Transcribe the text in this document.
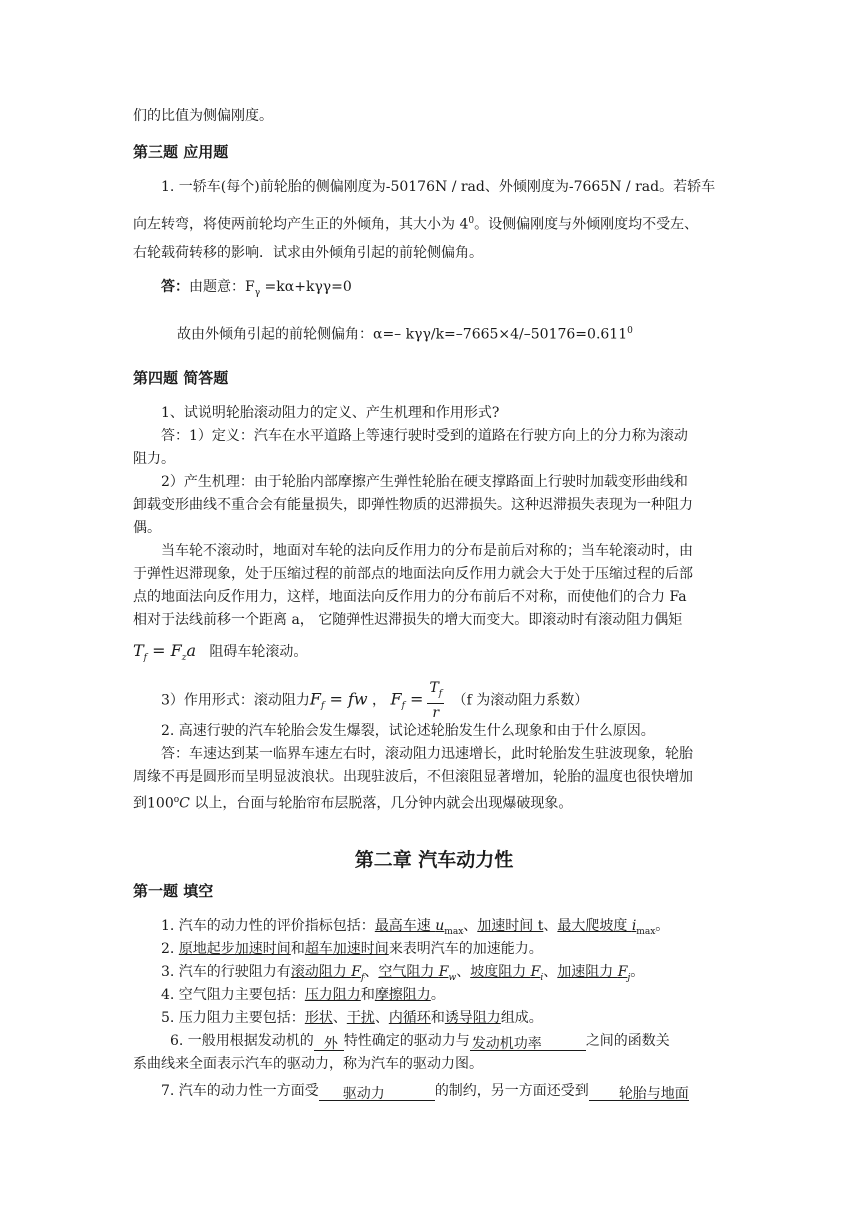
们的比值为侧偏刚度。
第三题 应用题
1. 一轿车(每个)前轮胎的侧偏刚度为-50176N / rad、外倾刚度为-7665N / rad。若轿车
向左转弯，将使两前轮均产生正的外倾角，其大小为 $4^0$。设侧偏刚度与外倾刚度均不受左、
右轮载荷转移的影响．试求由外倾角引起的前轮侧偏角。
答：由题意：$F_\gamma =k\alpha+k\gamma\gamma=0$
故由外倾角引起的前轮侧偏角：α=– kγγ/$k=-7665\times 4/-50176=0.611^0$
第四题 简答题
1、试说明轮胎滚动阻力的定义、产生机理和作用形式?
答：1）定义：汽车在水平道路上等速行驶时受到的道路在行驶方向上的分力称为滚动
阻力。
2）产生机理：由于轮胎内部摩擦产生弹性轮胎在硬支撑路面上行驶时加载变形曲线和
卸载变形曲线不重合会有能量损失，即弹性物质的迟滞损失。这种迟滞损失表现为一种阻力
偶。
当车轮不滚动时，地面对车轮的法向反作用力的分布是前后对称的；当车轮滚动时，由
于弹性迟滞现象，处于压缩过程的前部点的地面法向反作用力就会大于处于压缩过程的后部
点的地面法向反作用力，这样，地面法向反作用力的分布前后不对称，而使他们的合力 Fa
相对于法线前移一个距离 a， 它随弹性迟滞损失的增大而变大。即滚动时有滚动阻力偶矩
$T_f = F_za$ 阻碍车轮滚动。
3）作用形式：滚动阻力$F_f$ = fw ， $F_f = \frac{T_f}{r} (f$ 为滚动阻力系数）
2. 高速行驶的汽车轮胎会发生爆裂，试论述轮胎发生什么现象和由于什么原因。
答：车速达到某一临界车速左右时，滚动阻力迅速增长，此时轮胎发生驻波现象，轮胎
周缘不再是圆形而呈明显波浪状。出现驻波后，不但滚阻显著增加，轮胎的温度也很快增加
到100$^o$C 以上，台面与轮胎帘布层脱落，几分钟内就会出现爆破现象。
第二章 汽车动力性
第一题 填空
1. 汽车的动力性的评价指标包括：最高车速 $u_{max}$、加速时间 t、最大爬坡度 $i_{max}$。
2. 原地起步加速时间和超车加速时间来表明汽车的加速能力。
3. 汽车的行驶阻力有滚动阻力 $F_f$、空气阻力 $F_w$、坡度阻力 $F_i$、加速阻力 $F_j$。
4. 空气阻力主要包括：压力阻力和摩擦阻力。
5. 压力阻力主要包括：形状、干扰、内循环和诱导阻力组成。
6. 一般用根据发动机的 外 特性确定的驱动力与 发动机功率	之间的函数关
系曲线来全面表示汽车的驱动力，称为汽车的驱动力图。
7. 汽车的动力性一方面受 驱动力	的制约，另一方面还受到 轮胎与地面
